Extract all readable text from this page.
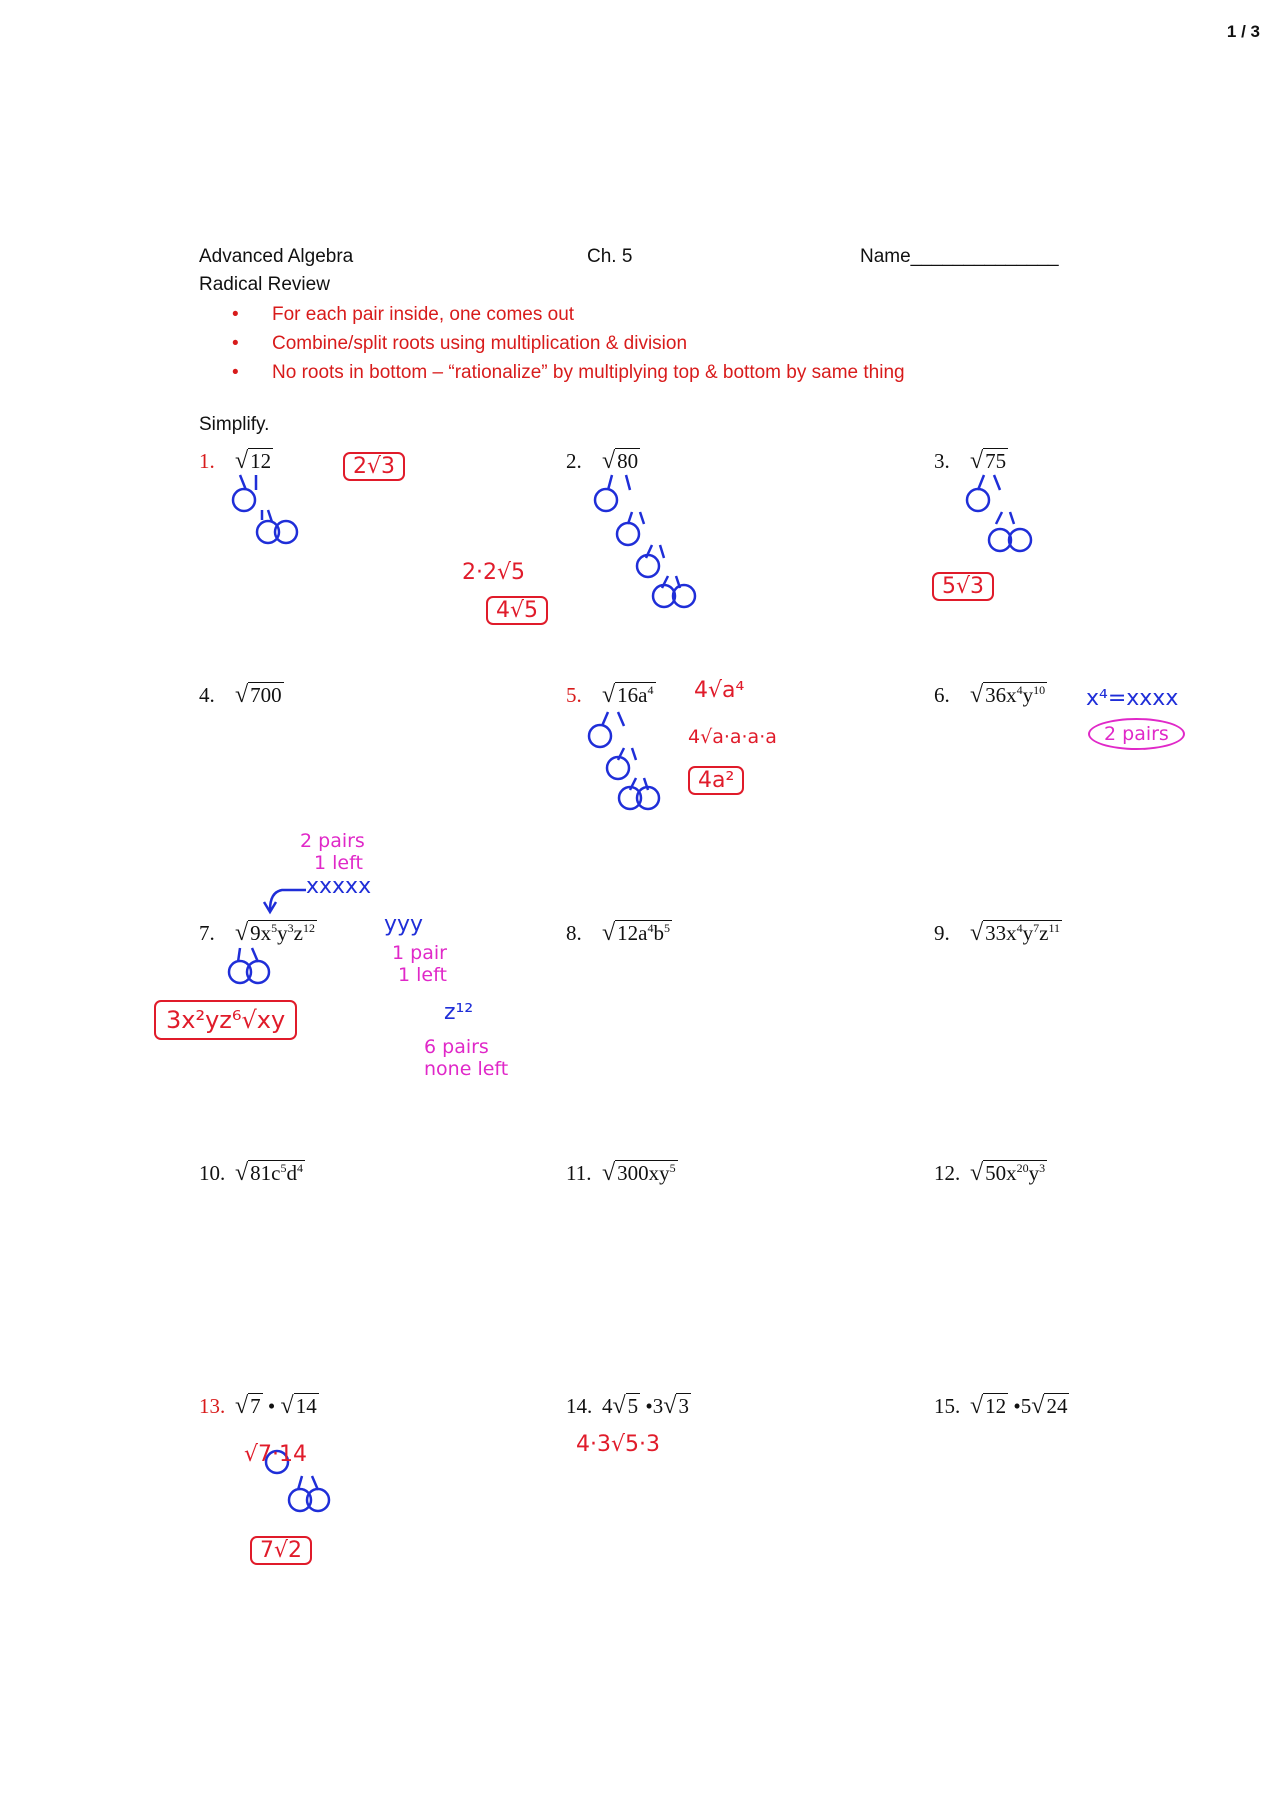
1 / 3
Advanced Algebra	Ch. 5	Name______________
Radical Review
• For each pair inside, one comes out
• Combine/split roots using multiplication & division
• No roots in bottom – “rationalize” by multiplying top & bottom by same thing
Simplify.
1. √12	2. √80	3. √75
4. √700	5. $√16a^4$	6. $√36x^4y^{10}$
7. $√9x^5y^3z^{12}$	8. $√12a^4b^5$	9. $√33x^4y^7z^{11}$
10. $√81c^5d^4$	11. $√300xy^5$	12. $√50x^{20}y^3$
13. √7 • √14	14. 4√5 •3√3	15. √12 •5√24
2√3
2·2√5
4√5
5√3
4√a⁴
4√a·a·a·a
4a²
x⁴=xxxx
2 pairs
2 pairs
1 left
xxxxx
yyy
1 pair
1 left
z¹²
6 pairs
none left
3x²yz⁶√xy
√7·14
7√2
4·3√5·3
